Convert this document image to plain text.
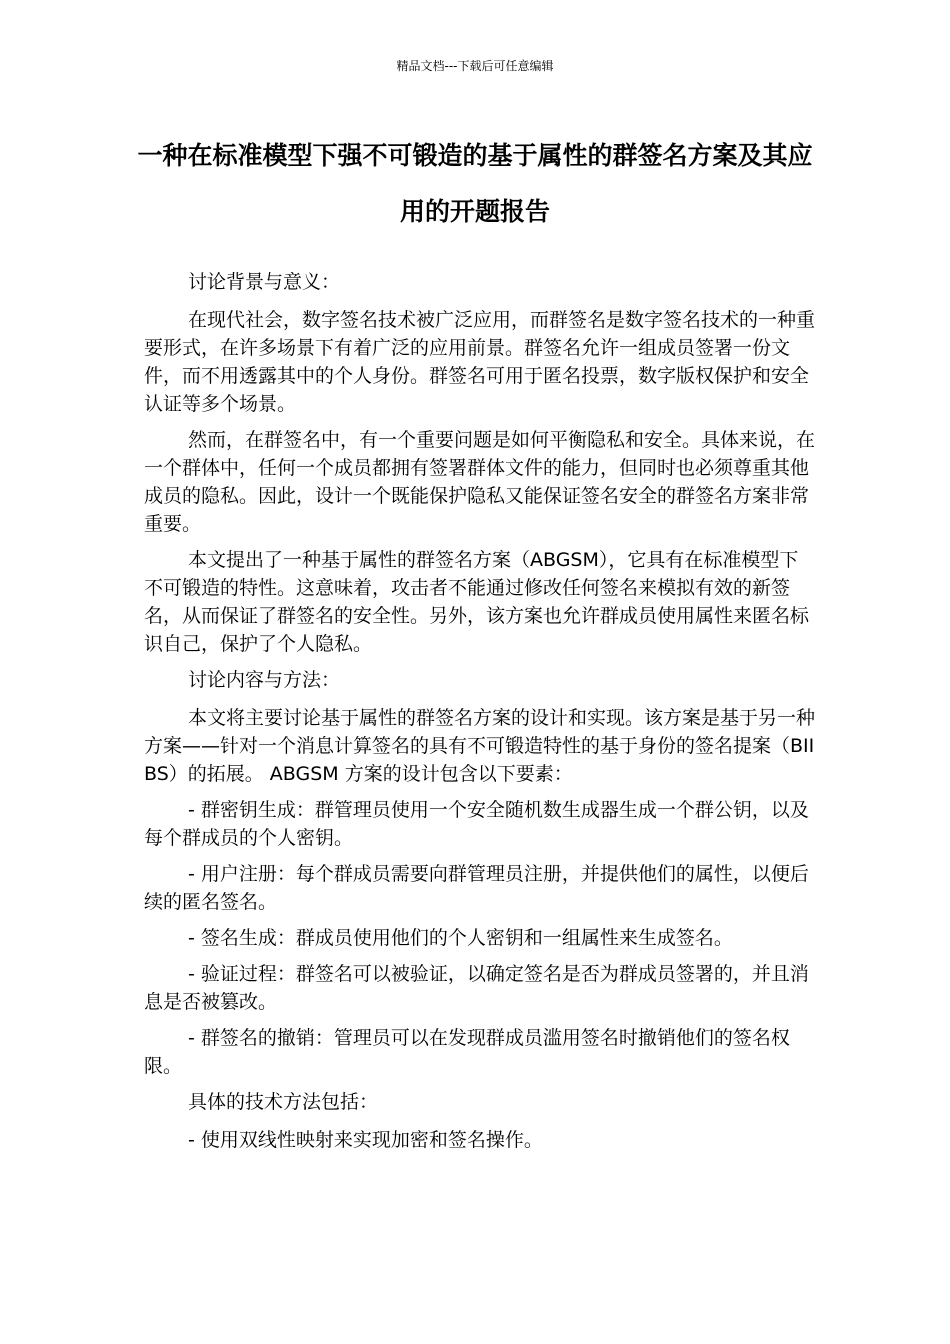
精品文档---下载后可任意编辑
一种在标准模型下强不可锻造的基于属性的群签名方案及其应用的开题报告

讨论背景与意义：

在现代社会，数字签名技术被广泛应用，而群签名是数字签名技术的一种重要形式，在许多场景下有着广泛的应用前景。群签名允许一组成员签署一份文件，而不用透露其中的个人身份。群签名可用于匿名投票，数字版权保护和安全认证等多个场景。

然而，在群签名中，有一个重要问题是如何平衡隐私和安全。具体来说，在一个群体中，任何一个成员都拥有签署群体文件的能力，但同时也必须尊重其他成员的隐私。因此，设计一个既能保护隐私又能保证签名安全的群签名方案非常重要。

本文提出了一种基于属性的群签名方案（ABGSM），它具有在标准模型下不可锻造的特性。这意味着，攻击者不能通过修改任何签名来模拟有效的新签名，从而保证了群签名的安全性。另外，该方案也允许群成员使用属性来匿名标识自己，保护了个人隐私。

讨论内容与方法：

本文将主要讨论基于属性的群签名方案的设计和实现。该方案是基于另一种方案——针对一个消息计算签名的具有不可锻造特性的基于身份的签名提案（BIIBS）的拓展。 ABGSM 方案的设计包含以下要素：

- 群密钥生成：群管理员使用一个安全随机数生成器生成一个群公钥，以及每个群成员的个人密钥。

- 用户注册：每个群成员需要向群管理员注册，并提供他们的属性，以便后续的匿名签名。

- 签名生成：群成员使用他们的个人密钥和一组属性来生成签名。

- 验证过程：群签名可以被验证，以确定签名是否为群成员签署的，并且消息是否被篡改。

- 群签名的撤销：管理员可以在发现群成员滥用签名时撤销他们的签名权限。

具体的技术方法包括：

- 使用双线性映射来实现加密和签名操作。
